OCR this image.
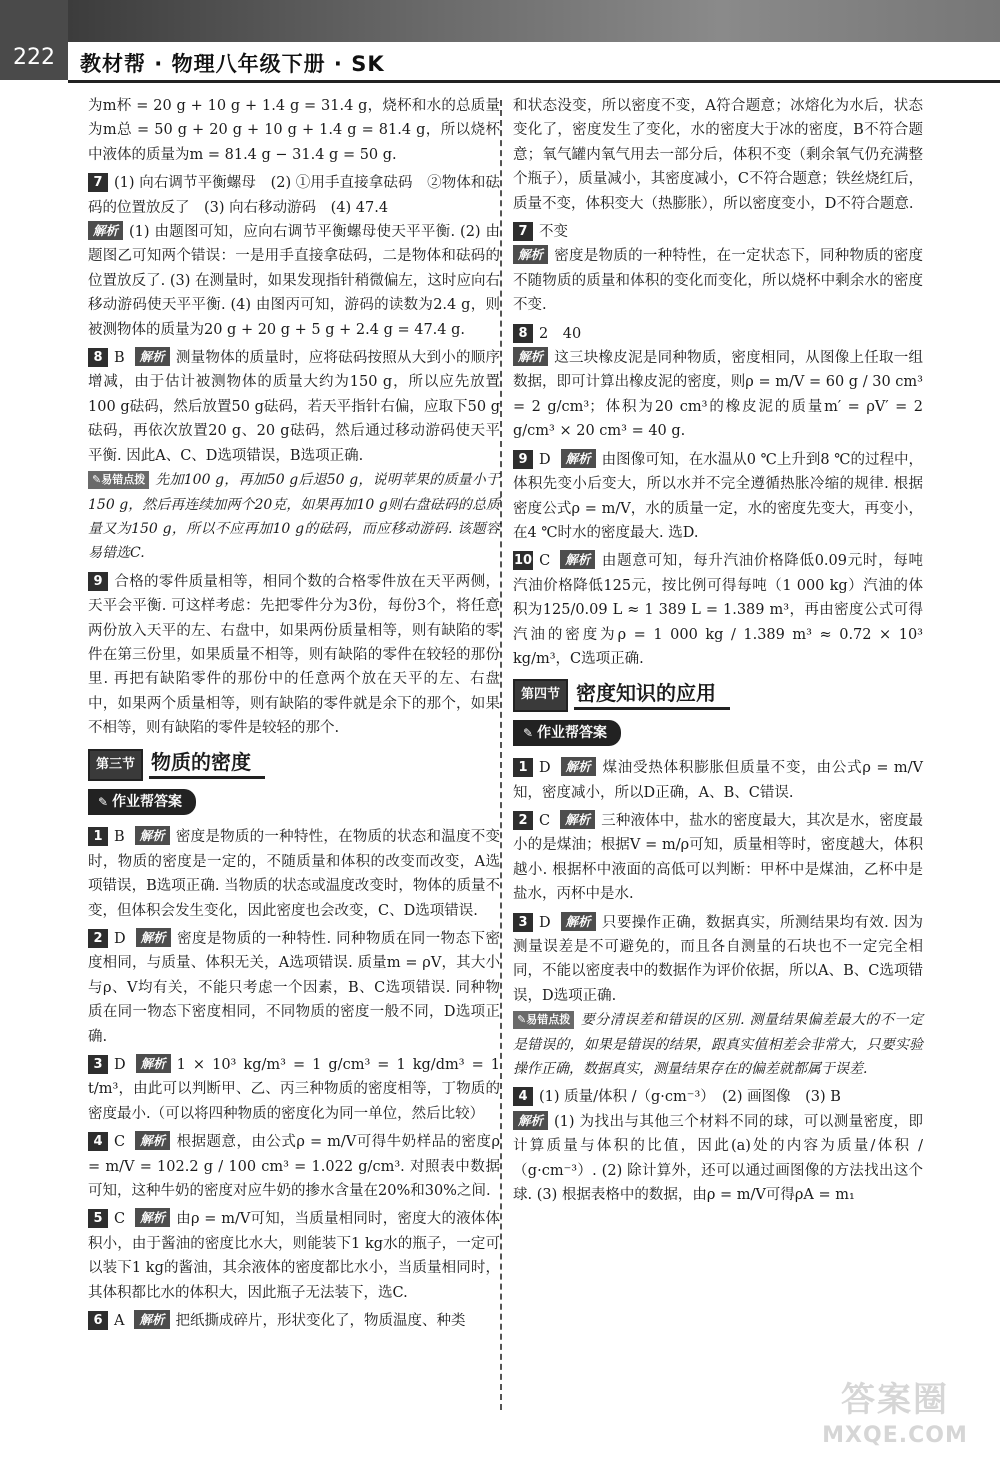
222	教材帮 · 物理八年级下册 · SK

为m杯 = 20 g + 10 g + 1.4 g = 31.4 g，烧杯和水的总质量为m总 = 50 g + 20 g + 10 g + 1.4 g = 81.4 g，所以烧杯中液体的质量为m = 81.4 g − 31.4 g = 50 g.

7 (1) 向右调节平衡螺母　(2) ①用手直接拿砝码　②物体和砝码的位置放反了　(3) 向右移动游码　(4) 47.4

解析 (1) 由题图可知，应向右调节平衡螺母使天平平衡. (2) 由题图乙可知两个错误：一是用手直接拿砝码，二是物体和砝码的位置放反了. (3) 在测量时，如果发现指针稍微偏左，这时应向右移动游码使天平平衡. (4) 由图丙可知，游码的读数为2.4 g，则被测物体的质量为20 g + 20 g + 5 g + 2.4 g = 47.4 g.

8 B 解析 测量物体的质量时，应将砝码按照从大到小的顺序增减，由于估计被测物体的质量大约为150 g，所以应先放置100 g砝码，然后放置50 g砝码，若天平指针右偏，应取下50 g砝码，再依次放置20 g、20 g砝码，然后通过移动游码使天平平衡. 因此A、C、D选项错误，B选项正确.

✎易错点拨 先加100 g，再加50 g后退50 g，说明苹果的质量小于150 g，然后再连续加两个20克，如果再加10 g则右盘砝码的总质量又为150 g，所以不应再加10 g的砝码，而应移动游码. 该题容易错选C.

9 合格的零件质量相等，相同个数的合格零件放在天平两侧，天平会平衡. 可这样考虑：先把零件分为3份，每份3个，将任意两份放入天平的左、右盘中，如果两份质量相等，则有缺陷的零件在第三份里，如果质量不相等，则有缺陷的零件在较轻的那份里. 再把有缺陷零件的那份中的任意两个放在天平的左、右盘中，如果两个质量相等，则有缺陷的零件就是余下的那个，如果不相等，则有缺陷的零件是较轻的那个.

第三节 物质的密度
✎ 作业帮答案

1 B 解析 密度是物质的一种特性，在物质的状态和温度不变时，物质的密度是一定的，不随质量和体积的改变而改变，A选项错误，B选项正确. 当物质的状态或温度改变时，物体的质量不变，但体积会发生变化，因此密度也会改变，C、D选项错误.

2 D 解析 密度是物质的一种特性. 同种物质在同一物态下密度相同，与质量、体积无关，A选项错误. 质量m = ρV，其大小与ρ、V均有关，不能只考虑一个因素，B、C选项错误. 同种物质在同一物态下密度相同，不同物质的密度一般不同，D选项正确.

3 D 解析 1 × 10³ kg/m³ = 1 g/cm³ = 1 kg/dm³ = 1 t/m³，由此可以判断甲、乙、丙三种物质的密度相等，丁物质的密度最小.（可以将四种物质的密度化为同一单位，然后比较）

4 C 解析 根据题意，由公式ρ = m/V可得牛奶样品的密度ρ = m/V = 102.2 g / 100 cm³ = 1.022 g/cm³. 对照表中数据可知，这种牛奶的密度对应牛奶的掺水含量在20%和30%之间.

5 C 解析 由ρ = m/V可知，当质量相同时，密度大的液体体积小，由于酱油的密度比水大，则能装下1 kg水的瓶子，一定可以装下1 kg的酱油，其余液体的密度都比水小，当质量相同时，其体积都比水的体积大，因此瓶子无法装下，选C.

6 A 解析 把纸撕成碎片，形状变化了，物质温度、种类

和状态没变，所以密度不变，A符合题意；冰熔化为水后，状态变化了，密度发生了变化，水的密度大于冰的密度，B不符合题意；氧气罐内氧气用去一部分后，体积不变（剩余氧气仍充满整个瓶子），质量减小，其密度减小，C不符合题意；铁丝烧红后，质量不变，体积变大（热膨胀），所以密度变小，D不符合题意.

7 不变

解析 密度是物质的一种特性，在一定状态下，同种物质的密度不随物质的质量和体积的变化而变化，所以烧杯中剩余水的密度不变.

8 2　40

解析 这三块橡皮泥是同种物质，密度相同，从图像上任取一组数据，即可计算出橡皮泥的密度，则ρ = m/V = 60 g / 30 cm³ = 2 g/cm³；体积为20 cm³的橡皮泥的质量m′ = ρV′ = 2 g/cm³ × 20 cm³ = 40 g.

9 D 解析 由图像可知，在水温从0 ℃上升到8 ℃的过程中，体积先变小后变大，所以水并不完全遵循热胀冷缩的规律. 根据密度公式ρ = m/V，水的质量一定，水的密度先变大，再变小，在4 ℃时水的密度最大. 选D.

10 C 解析 由题意可知，每升汽油价格降低0.09元时，每吨汽油价格降低125元，按比例可得每吨（1 000 kg）汽油的体积为125/0.09 L ≈ 1 389 L = 1.389 m³，再由密度公式可得汽油的密度为ρ = 1 000 kg / 1.389 m³ ≈ 0.72 × 10³ kg/m³，C选项正确.

第四节 密度知识的应用
✎ 作业帮答案

1 D 解析 煤油受热体积膨胀但质量不变，由公式ρ = m/V知，密度减小，所以D正确，A、B、C错误.

2 C 解析 三种液体中，盐水的密度最大，其次是水，密度最小的是煤油；根据V = m/ρ可知，质量相等时，密度越大，体积越小. 根据杯中液面的高低可以判断：甲杯中是煤油，乙杯中是盐水，丙杯中是水.

3 D 解析 只要操作正确，数据真实，所测结果均有效. 因为测量误差是不可避免的，而且各自测量的石块也不一定完全相同，不能以密度表中的数据作为评价依据，所以A、B、C选项错误，D选项正确.

✎易错点拨 要分清误差和错误的区别. 测量结果偏差最大的不一定是错误的，如果是错误的结果，跟真实值相差会非常大，只要实验操作正确，数据真实，测量结果存在的偏差就都属于误差.

4 (1) 质量/体积 /（g·cm⁻³）　(2) 画图像　(3) B

解析 (1) 为找出与其他三个材料不同的球，可以测量密度，即计算质量与体积的比值，因此(a)处的内容为质量/体积 /（g·cm⁻³）. (2) 除计算外，还可以通过画图像的方法找出这个球. (3) 根据表格中的数据，由ρ = m/V可得ρA = m₁

答案圈
MXQE.COM
